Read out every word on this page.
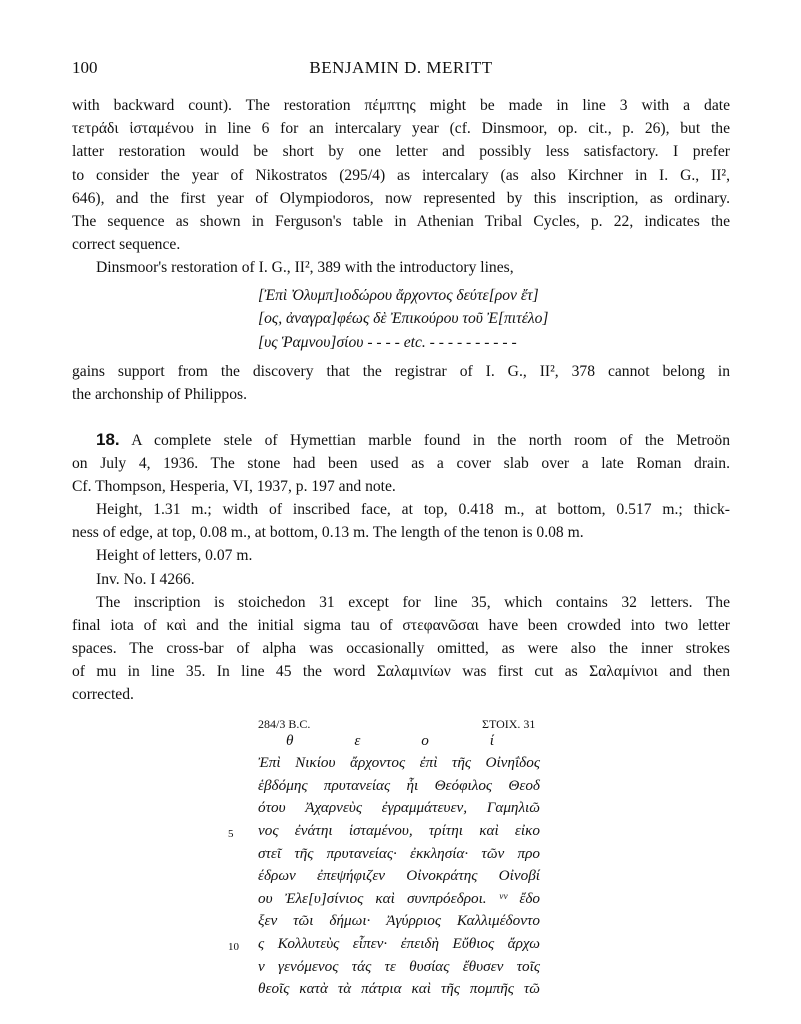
100	BENJAMIN D. MERITT
with backward count). The restoration πέμπτης might be made in line 3 with a date
τετράδι ἱσταμένου in line 6 for an intercalary year (cf. Dinsmoor, op. cit., p. 26), but the
latter restoration would be short by one letter and possibly less satisfactory. I prefer
to consider the year of Nikostratos (295/4) as intercalary (as also Kirchner in I. G., II²,
646), and the first year of Olympiodoros, now represented by this inscription, as ordinary.
The sequence as shown in Ferguson's table in Athenian Tribal Cycles, p. 22, indicates the
correct sequence.
Dinsmoor's restoration of I. G., II², 389 with the introductory lines,
[Ἐπὶ Ὀλυμπ]ιοδώρου ἄρχοντος δεύτε[ρον ἔτ]
[ος, ἀναγρα]φέως δὲ Ἐπικούρου τοῦ Ἐ[πιτέλο]
[υς Ῥαμνου]σίου - - - - etc. - - - - - - - - - -
gains support from the discovery that the registrar of I. G., II², 378 cannot belong in
the archonship of Philippos.
18. A complete stele of Hymettian marble found in the north room of the Metroön
on July 4, 1936. The stone had been used as a cover slab over a late Roman drain.
Cf. Thompson, Hesperia, VI, 1937, p. 197 and note.
Height, 1.31 m.; width of inscribed face, at top, 0.418 m., at bottom, 0.517 m.; thick-
ness of edge, at top, 0.08 m., at bottom, 0.13 m. The length of the tenon is 0.08 m.
Height of letters, 0.07 m.
Inv. No. I 4266.
The inscription is stoichedon 31 except for line 35, which contains 32 letters. The
final iota of καὶ and the initial sigma tau of στεφανῶσαι have been crowded into two letter
spaces. The cross-bar of alpha was occasionally omitted, as were also the inner strokes
of mu in line 35. In line 45 the word Σαλαμινίων was first cut as Σαλαμίνιοι and then
corrected.
284/3 B.C.	ΣΤΟΙΧ. 31
θ	ε	ο	ί
Ἐπὶ Νικίου ἄρχοντος ἐπὶ τῆς Οἰνηΐδος
ἑβδόμης πρυτανείας ἧι Θεόφιλος Θεοδ
ότου Ἀχαρνεὺς ἐγραμμάτευεν, Γαμηλιῶ
5 νος ἐνάτηι ἱσταμένου, τρίτηι καὶ εἰκο
στεῖ τῆς πρυτανείας· ἐκκλησία· τῶν προ
έδρων ἐπεψήφιζεν Οἰνοκράτης Οἰνοβί
ου Ἐλε[υ]σίνιος καὶ συνπρόεδροι. ᵛᵛ ἔδο
ξεν τῶι δήμωι· Ἀγύρριος Καλλιμέδοντο
10 ς Κολλυτεὺς εἶπεν· ἐπειδὴ Εὔθιος ἄρχω
ν γενόμενος τάς τε θυσίας ἔθυσεν τοῖς
θεοῖς κατὰ τὰ πάτρια καὶ τῆς πομπῆς τῶ
